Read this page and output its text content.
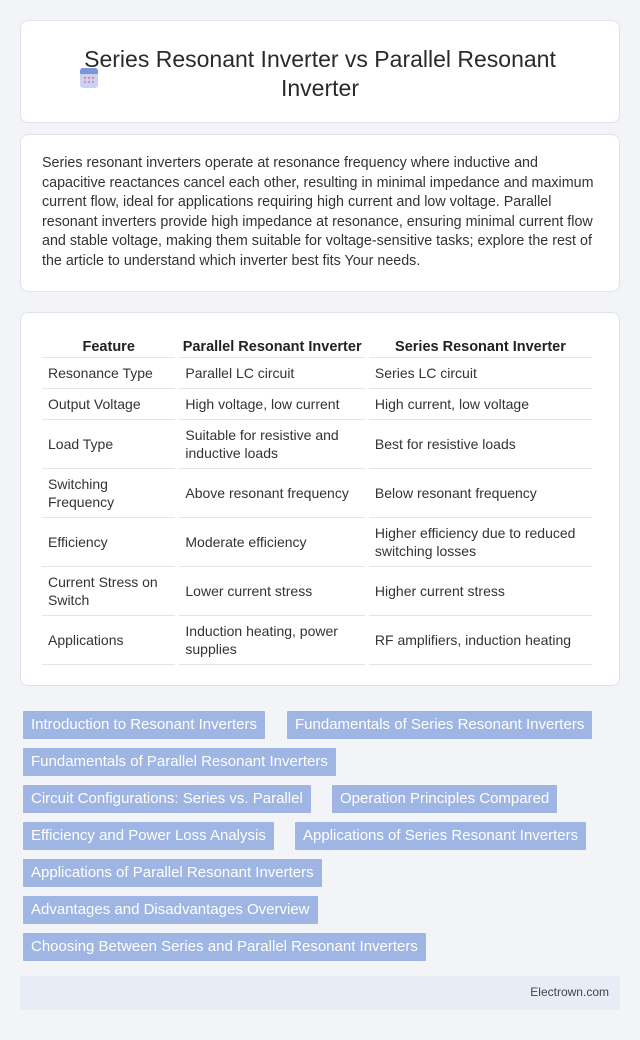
Series Resonant Inverter vs Parallel Resonant Inverter

Series resonant inverters operate at resonance frequency where inductive and capacitive reactances cancel each other, resulting in minimal impedance and maximum current flow, ideal for applications requiring high current and low voltage. Parallel resonant inverters provide high impedance at resonance, ensuring minimal current flow and stable voltage, making them suitable for voltage-sensitive tasks; explore the rest of the article to understand which inverter best fits Your needs.

Feature	Parallel Resonant Inverter	Series Resonant Inverter
Resonance Type	Parallel LC circuit	Series LC circuit
Output Voltage	High voltage, low current	High current, low voltage
Load Type	Suitable for resistive and inductive loads	Best for resistive loads
Switching Frequency	Above resonant frequency	Below resonant frequency
Efficiency	Moderate efficiency	Higher efficiency due to reduced switching losses
Current Stress on Switch	Lower current stress	Higher current stress
Applications	Induction heating, power supplies	RF amplifiers, induction heating
Introduction to Resonant Inverters	Fundamentals of Series Resonant Inverters
Fundamentals of Parallel Resonant Inverters
Circuit Configurations: Series vs. Parallel	Operation Principles Compared
Efficiency and Power Loss Analysis	Applications of Series Resonant Inverters
Applications of Parallel Resonant Inverters
Advantages and Disadvantages Overview
Choosing Between Series and Parallel Resonant Inverters
Electrown.com
